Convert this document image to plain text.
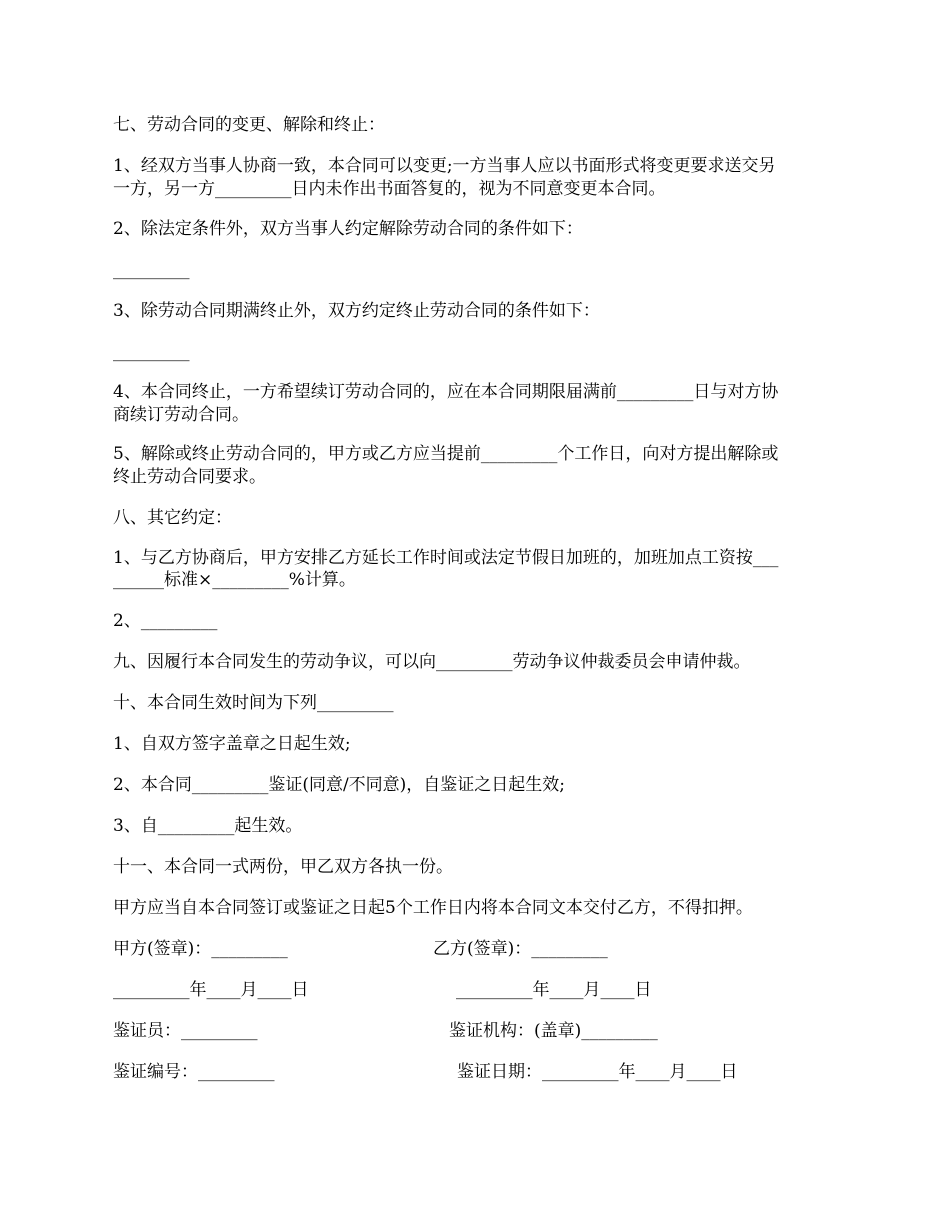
七、劳动合同的变更、解除和终止：
1、经双方当事人协商一致，本合同可以变更;一方当事人应以书面形式将变更要求送交另
一方，另一方_________日内未作出书面答复的，视为不同意变更本合同。
2、除法定条件外，双方当事人约定解除劳动合同的条件如下：
_________
3、除劳动合同期满终止外，双方约定终止劳动合同的条件如下：
_________
4、本合同终止，一方希望续订劳动合同的，应在本合同期限届满前_________日与对方协
商续订劳动合同。
5、解除或终止劳动合同的，甲方或乙方应当提前_________个工作日，向对方提出解除或
终止劳动合同要求。
八、其它约定：
1、与乙方协商后，甲方安排乙方延长工作时间或法定节假日加班的，加班加点工资按___
______标准×_________%计算。
2、_________
九、因履行本合同发生的劳动争议，可以向_________劳动争议仲裁委员会申请仲裁。
十、本合同生效时间为下列_________
1、自双方签字盖章之日起生效;
2、本合同_________鉴证(同意/不同意)，自鉴证之日起生效;
3、自_________起生效。
十一、本合同一式两份，甲乙双方各执一份。
甲方应当自本合同签订或鉴证之日起5个工作日内将本合同文本交付乙方，不得扣押。
甲方(签章)：_________	乙方(签章)：_________
_________年____月____日	_________年____月____日
鉴证员：_________	鉴证机构：(盖章)_________
鉴证编号：_________	鉴证日期：_________年____月____日
